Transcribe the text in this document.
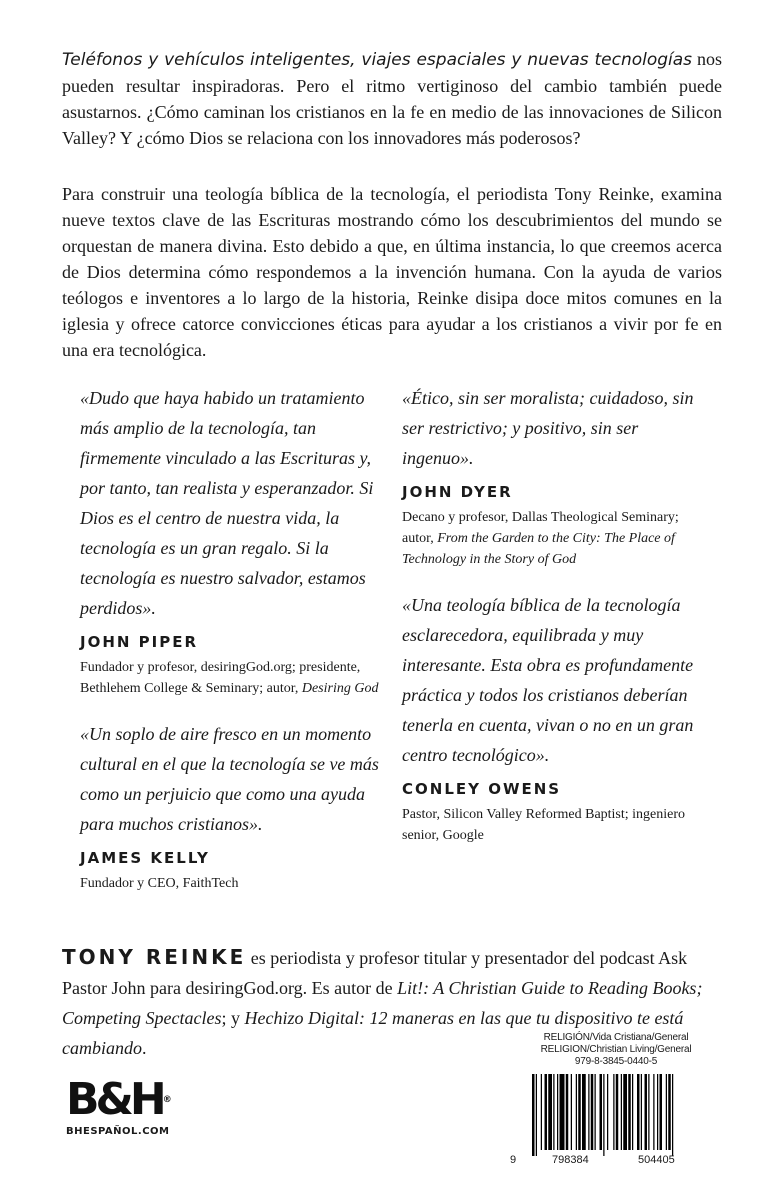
Teléfonos y vehículos inteligentes, viajes espaciales y nuevas tecnologías nos pueden resultar inspiradoras. Pero el ritmo vertiginoso del cambio también puede asustarnos. ¿Cómo caminan los cristianos en la fe en medio de las innovaciones de Silicon Valley? Y ¿cómo Dios se relaciona con los innovadores más poderosos?
Para construir una teología bíblica de la tecnología, el periodista Tony Reinke, examina nueve textos clave de las Escrituras mostrando cómo los descubrimientos del mundo se orquestan de manera divina. Esto debido a que, en última instancia, lo que creemos acerca de Dios determina cómo respondemos a la invención humana. Con la ayuda de varios teólogos e inventores a lo largo de la historia, Reinke disipa doce mitos comunes en la iglesia y ofrece catorce convicciones éticas para ayudar a los cristianos a vivir por fe en una era tecnológica.

«Dudo que haya habido un tratamiento más amplio de la tecnología, tan firmemente vinculado a las Escrituras y, por tanto, tan realista y esperanzador. Si Dios es el centro de nuestra vida, la tecnología es un gran regalo. Si la tecnología es nuestro salvador, estamos perdidos».

JOHN PIPER

Fundador y profesor, desiringGod.org; presidente, Bethlehem College & Seminary; autor, Desiring God

«Un soplo de aire fresco en un momento cultural en el que la tecnología se ve más como un perjuicio que como una ayuda para muchos cristianos».

JAMES KELLY

Fundador y CEO, FaithTech

«Ético, sin ser moralista; cuidadoso, sin ser restrictivo; y positivo, sin ser ingenuo».

JOHN DYER

Decano y profesor, Dallas Theological Seminary; autor, From the Garden to the City: The Place of Technology in the Story of God

«Una teología bíblica de la tecnología esclarecedora, equilibrada y muy interesante. Esta obra es profundamente práctica y todos los cristianos deberían tenerla en cuenta, vivan o no en un gran centro tecnológico».

CONLEY OWENS

Pastor, Silicon Valley Reformed Baptist; ingeniero senior, Google

TONY REINKE es periodista y profesor titular y presentador del podcast Ask Pastor John para desiringGod.org. Es autor de Lit!: A Christian Guide to Reading Books; Competing Spectacles; y Hechizo Digital: 12 maneras en las que tu dispositivo te está cambiando.
B&H®
BHESPAÑOL.COM
RELIGIÓN/Vida Cristiana/General
RELIGION/Christian Living/General
979-8-3845-0440-5
9	798384	504405
